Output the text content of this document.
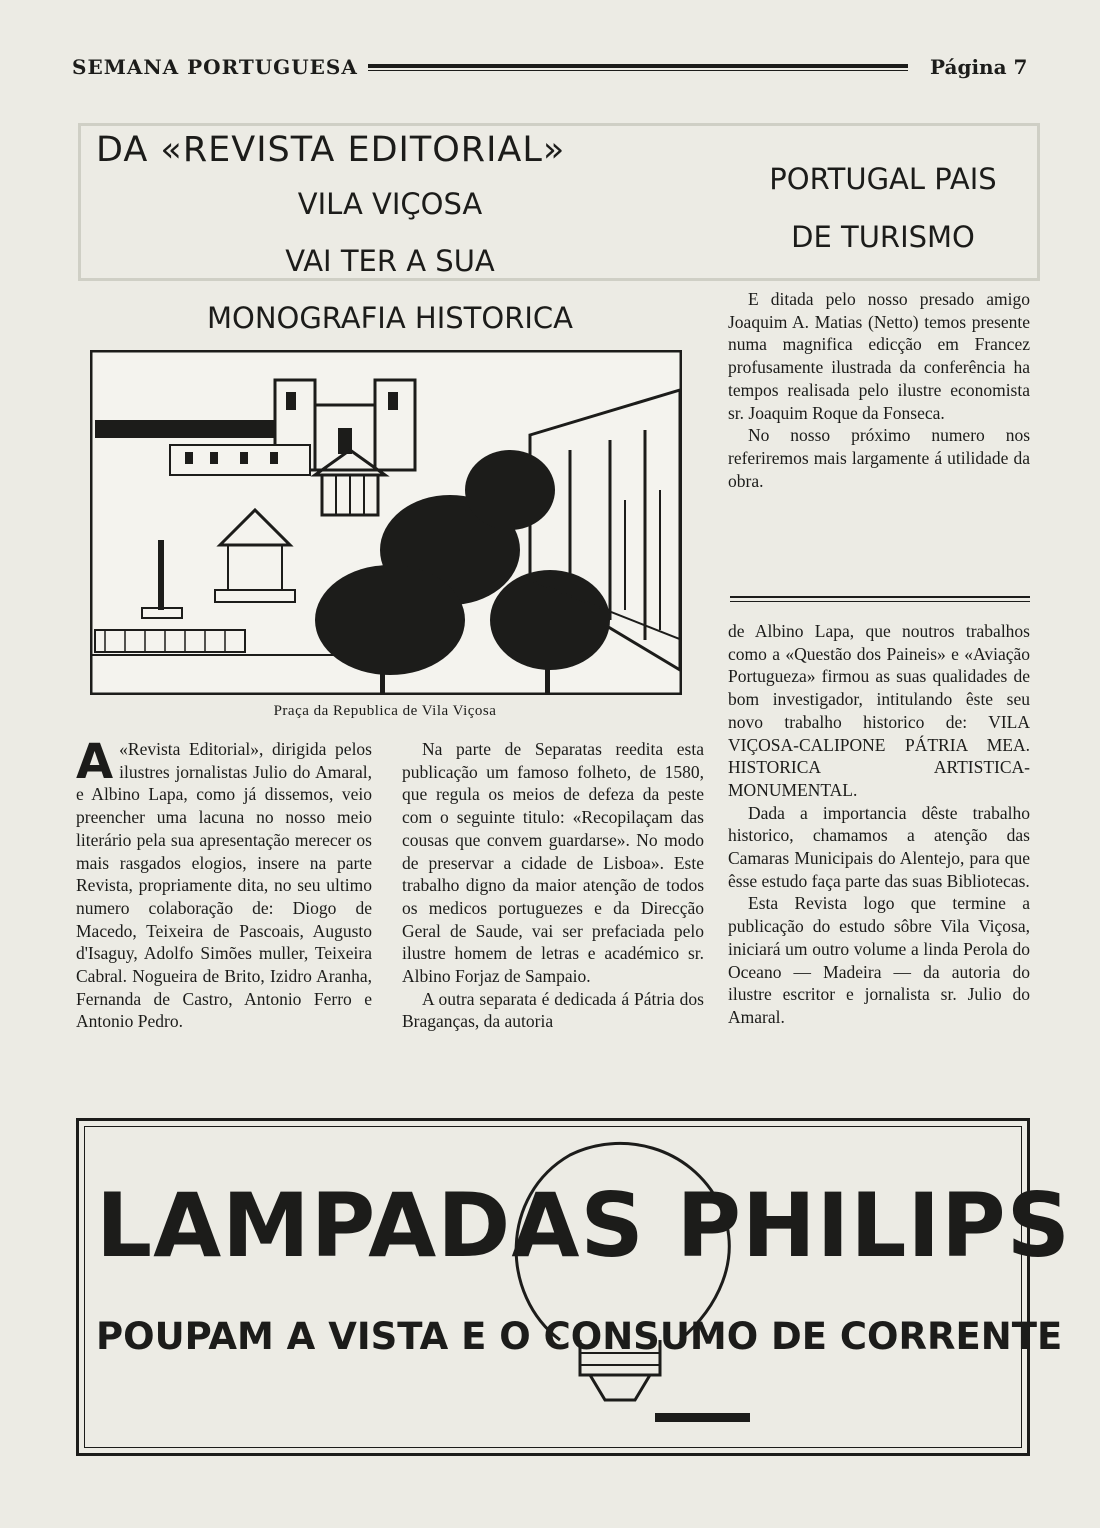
SEMANA PORTUGUESA	Página 7
DA «REVISTA EDITORIAL»
VILA VIÇOSA
VAI TER A SUA
MONOGRAFIA HISTORICA
PORTUGAL PAIS
DE TURISMO
Praça da Republica de Vila Viçosa

A «Revista Editorial», dirigida pelos ilustres jornalistas Julio do Amaral, e Albino Lapa, como já dissemos, veio preencher uma lacuna no nosso meio literário pela sua apresentação merecer os mais rasgados elogios, insere na parte Revista, propriamente dita, no seu ultimo numero colaboração de: Diogo de Macedo, Teixeira de Pascoais, Augusto d'Isaguy, Adolfo Simões muller, Teixeira Cabral. Nogueira de Brito, Izidro Aranha, Fernanda de Castro, Antonio Ferro e Antonio Pedro.

Na parte de Separatas reedita esta publicação um famoso folheto, de 1580, que regula os meios de defeza da peste com o seguinte titulo: «Recopilaçam das cousas que convem guardarse». No modo de preservar a cidade de Lisboa». Este trabalho digno da maior atenção de todos os medicos portuguezes e da Direcção Geral de Saude, vai ser prefaciada pelo ilustre homem de letras e académico sr. Albino Forjaz de Sampaio.

A outra separata é dedicada á Pátria dos Braganças, da autoria

E ditada pelo nosso presado amigo Joaquim A. Matias (Netto) temos presente numa magnifica edicção em Francez profusamente ilustrada da conferência ha tempos realisada pelo ilustre economista sr. Joaquim Roque da Fonseca.

No nosso próximo numero nos referiremos mais largamente á utilidade da obra.

de Albino Lapa, que noutros trabalhos como a «Questão dos Paineis» e «Aviação Portugueza» firmou as suas qualidades de bom investigador, intitulando êste seu novo trabalho historico de: VILA VIÇOSA-CALIPONE PÁTRIA MEA. HISTORICA ARTISTICA-MONUMENTAL.

Dada a importancia dêste trabalho historico, chamamos a atenção das Camaras Municipais do Alentejo, para que êsse estudo faça parte das suas Bibliotecas.

Esta Revista logo que termine a publicação do estudo sôbre Vila Viçosa, iniciará um outro volume a linda Perola do Oceano — Madeira — da autoria do ilustre escritor e jornalista sr. Julio do Amaral.

LAMPADAS PHILIPS
POUPAM A VISTA E O CONSUMO DE CORRENTE
